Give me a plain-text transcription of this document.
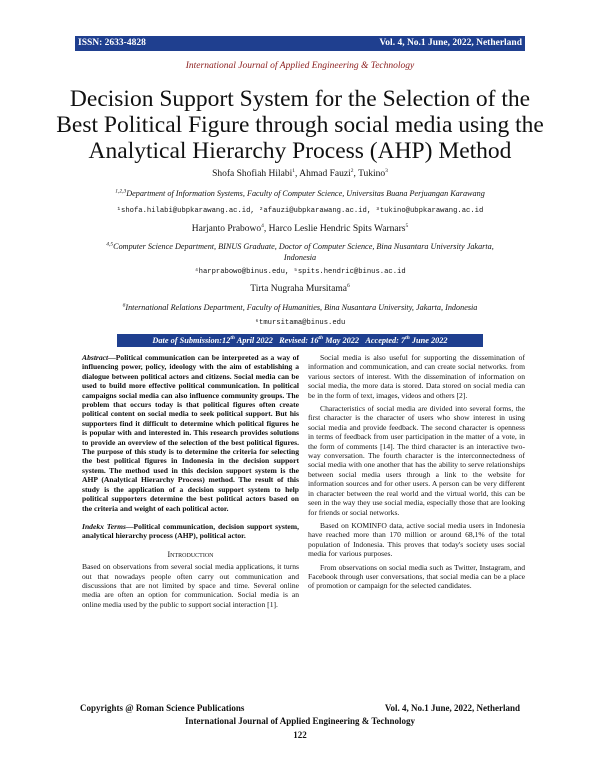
ISSN: 2633-4828	Vol. 4, No.1 June, 2022, Netherland
International Journal of Applied Engineering & Technology
Decision Support System for the Selection of the
Best Political Figure through social media using the
Analytical Hierarchy Process (AHP) Method
Shofa Shofiah Hilabi$^1$, Ahmad Fauzi$^2$, Tukino$^3$
$^{1,2,3}$Department of Information Systems, Faculty of Computer Science, Universitas Buana Perjuangan Karawang
¹shofa.hilabi@ubpkarawang.ac.id, ²afauzi@ubpkarawang.ac.id, ³tukino@ubpkarawang.ac.id
Harjanto Prabowo$^4$, Harco Leslie Hendric Spits Warnars$^5$
$^{4,5}$Computer Science Department, BINUS Graduate, Doctor of Computer Science, Bina Nusantara University Jakarta,
Indonesia
⁴harprabowo@binus.edu, ⁵spits.hendric@binus.ac.id
Tirta Nugraha Mursitama$^6$
$^6$International Relations Department, Faculty of Humanities, Bina Nusantara University, Jakarta, Indonesia
⁶tmursitama@binus.edu
Date of Submission:12th April 2022 Revised: 16th May 2022 Accepted: 7th June 2022

Abstract—Political communication can be interpreted as a way of influencing power, policy, ideology with the aim of establishing a dialogue between political actors and citizens. Social media can be used to build more effective political communication. In political campaigns social media can also influence community groups. The problem that occurs today is that political figures often create political content on social media to seek political support. But his supporters find it difficult to determine which political figures he is popular with and interested in. This research provides solutions to provide an overview of the selection of the best political figures. The purpose of this study is to determine the criteria for selecting the best political figures in Indonesia in the decision support system. The method used in this decision support system is the AHP (Analytical Hierarchy Process) method. The result of this study is the application of a decision support system to help political supporters determine the best political actors based on the criteria and weight of each political actor.

Indekx Terms—Political communication, decision support system, analytical hierarchy process (AHP), political actor.

Introduction

Based on observations from several social media applications, it turns out that nowadays people often carry out communication and discussions that are not limited by space and time. Several online media are often an option for communication. Social media is an online media used by the public to support social interaction [1].

Social media is also useful for supporting the dissemination of information and communication, and can create social networks. from various sectors of interest. With the dissemination of information on social media, the more data is stored. Data stored on social media can be in the form of text, images, videos and others [2].

Characteristics of social media are divided into several forms, the first character is the character of users who show interest in using social media and provide feedback. The second character is openness in terms of feedback from user participation in the matter of a vote, in the form of comments [14]. The third character is an interactive two-way conversation. The fourth character is the interconnectedness of social media with one another that has the ability to serve relationships between social media users through a link to the website for information sources and for other users. A person can be very different in character between the real world and the virtual world, this can be seen in the way they use social media, especially those that are looking for friends or social networks.

Based on KOMINFO data, active social media users in Indonesia have reached more than 170 million or around 68,1% of the total population of Indonesia. This proves that today's society uses social media for various purposes.

From observations on social media such as Twitter, Instagram, and Facebook through user conversations, that social media can be a place of promotion or campaign for the selected candidates.

Copyrights @ Roman Science Publications	Vol. 4, No.1 June, 2022, Netherland
International Journal of Applied Engineering & Technology
122
